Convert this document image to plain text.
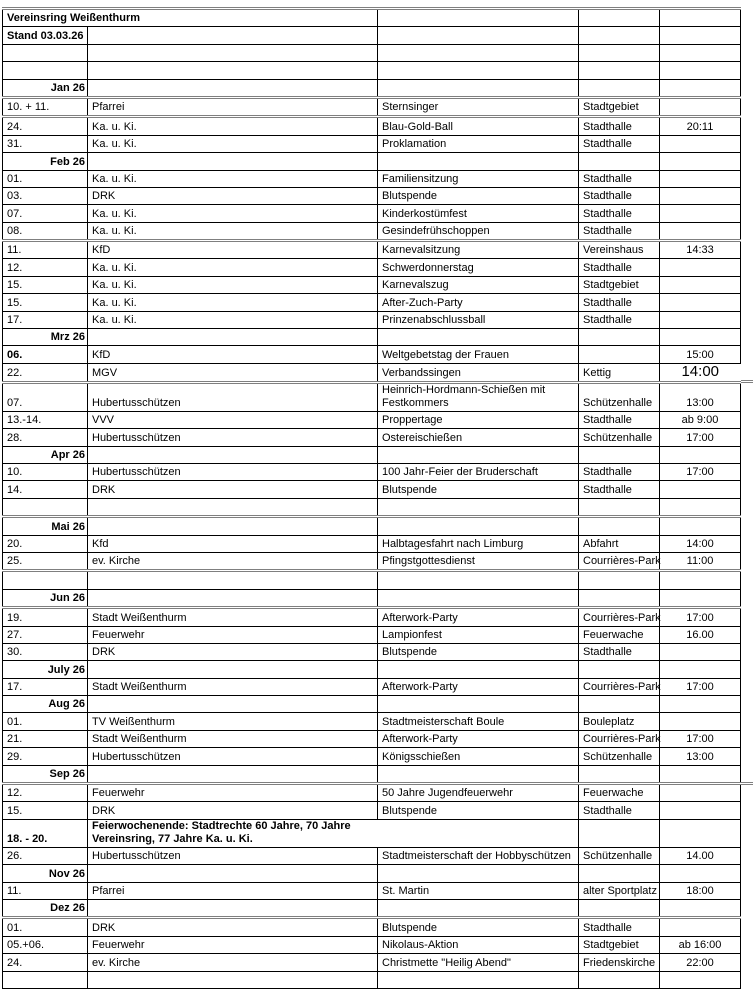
Vereinsring Weißenthurm				
Stand 03.03.26				

Jan 26				
10. + 11.	Pfarrei	Sternsinger	Stadtgebiet	
24.	Ka. u. Ki.	Blau-Gold-Ball	Stadthalle	20:11
31.	Ka. u. Ki.	Proklamation	Stadthalle	
Feb 26				
01.	Ka. u. Ki.	Familiensitzung	Stadthalle	
03.	DRK	Blutspende	Stadthalle	
07.	Ka. u. Ki.	Kinderkostümfest	Stadthalle	
08.	Ka. u. Ki.	Gesindefrühschoppen	Stadthalle	
11.	KfD	Karnevalsitzung	Vereinshaus	14:33
12.	Ka. u. Ki.	Schwerdonnerstag	Stadthalle	
15.	Ka. u. Ki.	Karnevalszug	Stadtgebiet	
15.	Ka. u. Ki.	After-Zuch-Party	Stadthalle	
17.	Ka. u. Ki.	Prinzenabschlussball	Stadthalle	
Mrz 26				
06.	KfD	Weltgebetstag der Frauen		15:00
22.	MGV	Verbandssingen	Kettig	14:00
07.	Hubertusschützen	Heinrich-Hordmann-Schießen mit Festkommers	Schützenhalle	13:00
13.-14.	VVV	Proppertage	Stadthalle	ab 9:00
28.	Hubertusschützen	Ostereischießen	Schützenhalle	17:00
Apr 26				
10.	Hubertusschützen	100 Jahr-Feier der Bruderschaft	Stadthalle	17:00
14.	DRK	Blutspende	Stadthalle	

Mai 26				
20.	Kfd	Halbtagesfahrt nach Limburg	Abfahrt	14:00
25.	ev. Kirche	Pfingstgottesdienst	Courrières-Park	11:00

Jun 26				
19.	Stadt Weißenthurm	Afterwork-Party	Courrières-Park	17:00
27.	Feuerwehr	Lampionfest	Feuerwache	16.00
30.	DRK	Blutspende	Stadthalle	
July 26				
17.	Stadt Weißenthurm	Afterwork-Party	Courrières-Park	17:00
Aug 26				
01.	TV Weißenthurm	Stadtmeisterschaft Boule	Bouleplatz	
21.	Stadt Weißenthurm	Afterwork-Party	Courrières-Park	17:00
29.	Hubertusschützen	Königsschießen	Schützenhalle	13:00
Sep 26				
12.	Feuerwehr	50 Jahre Jugendfeuerwehr	Feuerwache	
15.	DRK	Blutspende	Stadthalle	
18. - 20.	Feierwochenende: Stadtrechte 60 Jahre, 70 Jahre Vereinsring, 77 Jahre Ka. u. Ki.			

26.	Hubertusschützen	Stadtmeisterschaft der Hobbyschützen	Schützenhalle	14.00
Nov 26				
11.	Pfarrei	St. Martin	alter Sportplatz	18:00
Dez 26				
01.	DRK	Blutspende	Stadthalle	
05.+06.	Feuerwehr	Nikolaus-Aktion	Stadtgebiet	ab 16:00
24.	ev. Kirche	Christmette "Heilig Abend"	Friedenskirche	22:00
